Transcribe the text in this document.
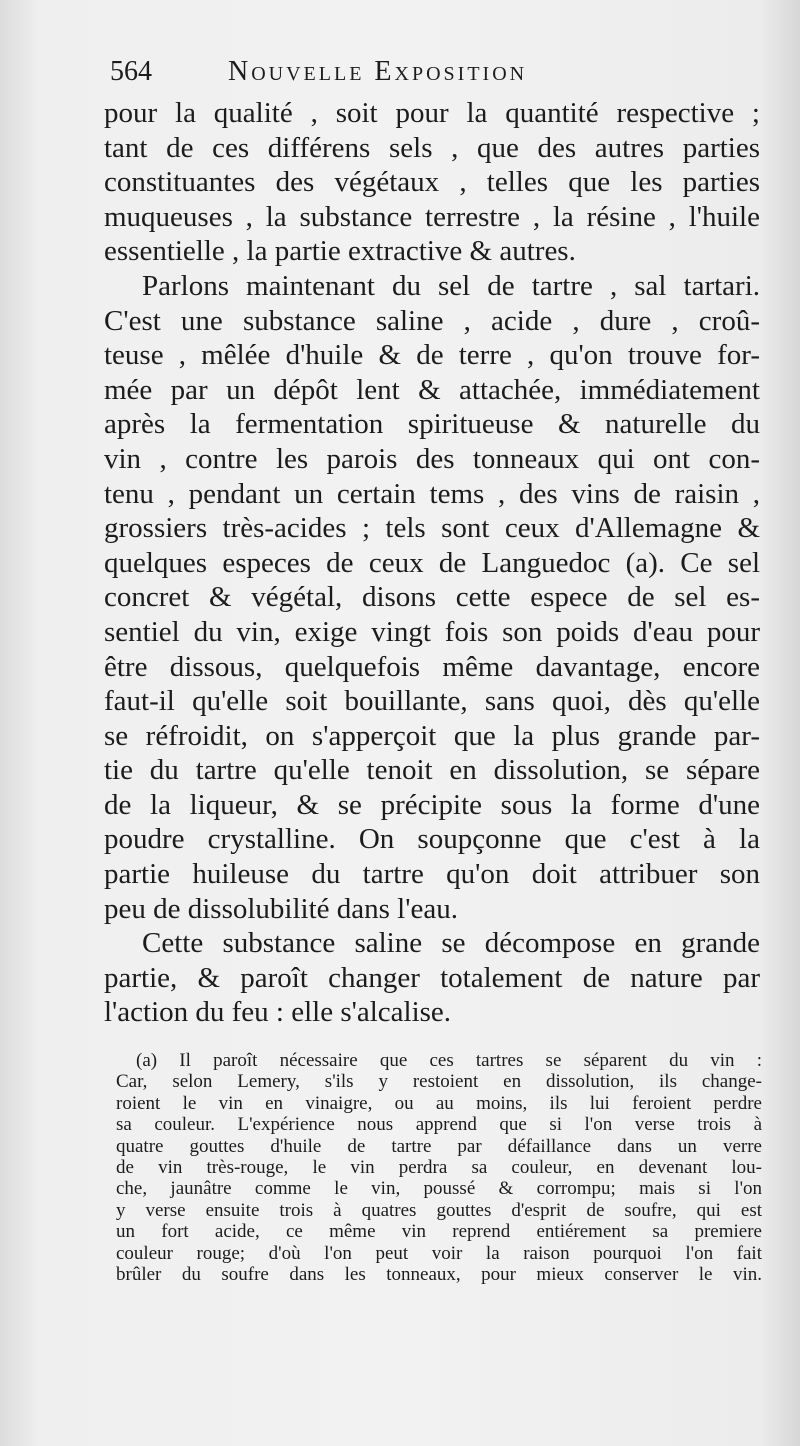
564	Nouvelle Exposition
pour la qualité , soit pour la quantité respective ;
tant de ces différens sels , que des autres parties
constituantes des végétaux , telles que les parties
muqueuses , la substance terrestre , la résine , l'huile
essentielle , la partie extractive & autres.
Parlons maintenant du sel de tartre , sal tartari.
C'est une substance saline , acide , dure , croû-
teuse , mêlée d'huile & de terre , qu'on trouve for-
mée par un dépôt lent & attachée, immédiatement
après la fermentation spiritueuse & naturelle du
vin , contre les parois des tonneaux qui ont con-
tenu , pendant un certain tems , des vins de raisin ,
grossiers très-acides ; tels sont ceux d'Allemagne &
quelques especes de ceux de Languedoc (a). Ce sel
concret & végétal, disons cette espece de sel es-
sentiel du vin, exige vingt fois son poids d'eau pour
être dissous, quelquefois même davantage, encore
faut-il qu'elle soit bouillante, sans quoi, dès qu'elle
se réfroidit, on s'apperçoit que la plus grande par-
tie du tartre qu'elle tenoit en dissolution, se sépare
de la liqueur, & se précipite sous la forme d'une
poudre crystalline. On soupçonne que c'est à la
partie huileuse du tartre qu'on doit attribuer son
peu de dissolubilité dans l'eau.
Cette substance saline se décompose en grande
partie, & paroît changer totalement de nature par
l'action du feu : elle s'alcalise.
(a) Il paroît nécessaire que ces tartres se séparent du vin :
Car, selon Lemery, s'ils y restoient en dissolution, ils change-
roient le vin en vinaigre, ou au moins, ils lui feroient perdre
sa couleur. L'expérience nous apprend que si l'on verse trois à
quatre gouttes d'huile de tartre par défaillance dans un verre
de vin très-rouge, le vin perdra sa couleur, en devenant lou-
che, jaunâtre comme le vin, poussé & corrompu; mais si l'on
y verse ensuite trois à quatres gouttes d'esprit de soufre, qui est
un fort acide, ce même vin reprend entiérement sa premiere
couleur rouge; d'où l'on peut voir la raison pourquoi l'on fait
brûler du soufre dans les tonneaux, pour mieux conserver le vin.
